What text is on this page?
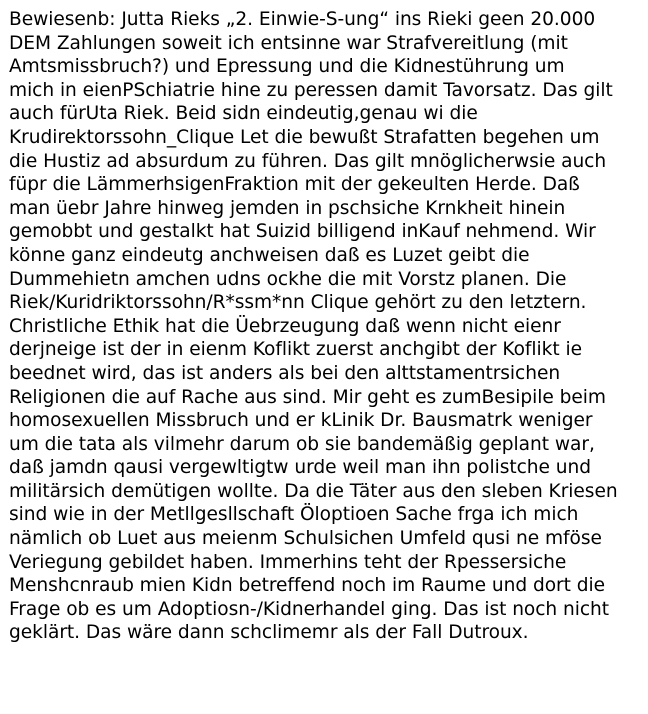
Bewiesenb: Jutta Rieks „2. Einwie-S-ung“ ins Rieki geen 20.000
DEM Zahlungen soweit ich entsinne war Strafvereitlung (mit
Amtsmissbruch?) und Epressung und die Kidnestührung um
mich in eienPSchiatrie hine zu peressen damit Tavorsatz. Das gilt
auch fürUta Riek. Beid sidn eindeutig,genau wi die
Krudirektorssohn_Clique Let die bewußt Strafatten begehen um
die Hustiz ad absurdum zu führen. Das gilt mnöglicherwsie auch
füpr die LämmerhsigenFraktion mit der gekeulten Herde. Daß
man üebr Jahre hinweg jemden in pschsiche Krnkheit hinein
gemobbt und gestalkt hat Suizid billigend inKauf nehmend. Wir
könne ganz eindeutg anchweisen daß es Luzet geibt die
Dummehietn amchen udns ockhe die mit Vorstz planen. Die
Riek/Kuridriktorssohn/R*ssm*nn Clique gehört zu den letztern.
Christliche Ethik hat die Üebrzeugung daß wenn nicht eienr
derjneige ist der in eienm Koflikt zuerst anchgibt der Koflikt ie
beednet wird, das ist anders als bei den alttstamentrsichen
Religionen die auf Rache aus sind. Mir geht es zumBesipile beim
homosexuellen Missbruch und er kLinik Dr. Bausmatrk weniger
um die tata als vilmehr darum ob sie bandemäßig geplant war,
daß jamdn qausi vergewltigtw urde weil man ihn polistche und
militärsich demütigen wollte. Da die Täter aus den sleben Kriesen
sind wie in der Metllgesllschaft Öloptioen Sache frga ich mich
nämlich ob Luet aus meienm Schulsichen Umfeld qusi ne mföse
Veriegung gebildet haben. Immerhins teht der Rpessersiche
Menshcnraub mien Kidn betreffend noch im Raume und dort die
Frage ob es um Adoptiosn-/Kidnerhandel ging. Das ist noch nicht
geklärt. Das wäre dann schclimemr als der Fall Dutroux.
